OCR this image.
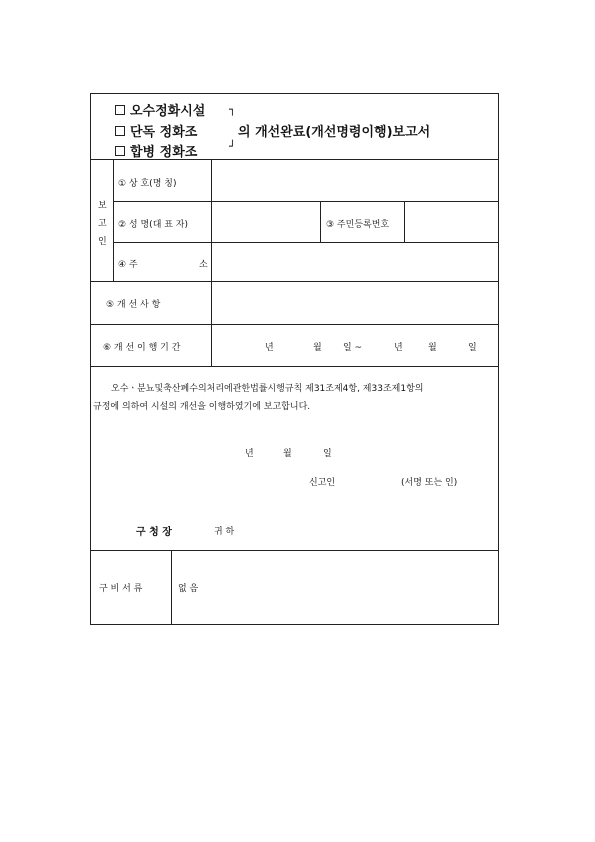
오수정화시설
단독 정화조
합병 정화조
┐
┘
의 개선완료(개선명령이행)보고서
보
고
인
① 상 호(명 칭)
② 성 명(대 표 자)	③ 주민등록번호
④ 주	소
⑤ 개 선 사 항
⑥ 개 선 이 행 기 간	년	월 일 ~	년	월	일
오수ㆍ분뇨및축산폐수의처리에관한법률시행규칙 제31조제4항, 제33조제1항의
규정에 의하여 시설의 개선을 이행하였기에 보고합니다.
년	월	일
신고인	(서명 또는 인)
구 청 장	귀 하
구 비 서 류	없 음
